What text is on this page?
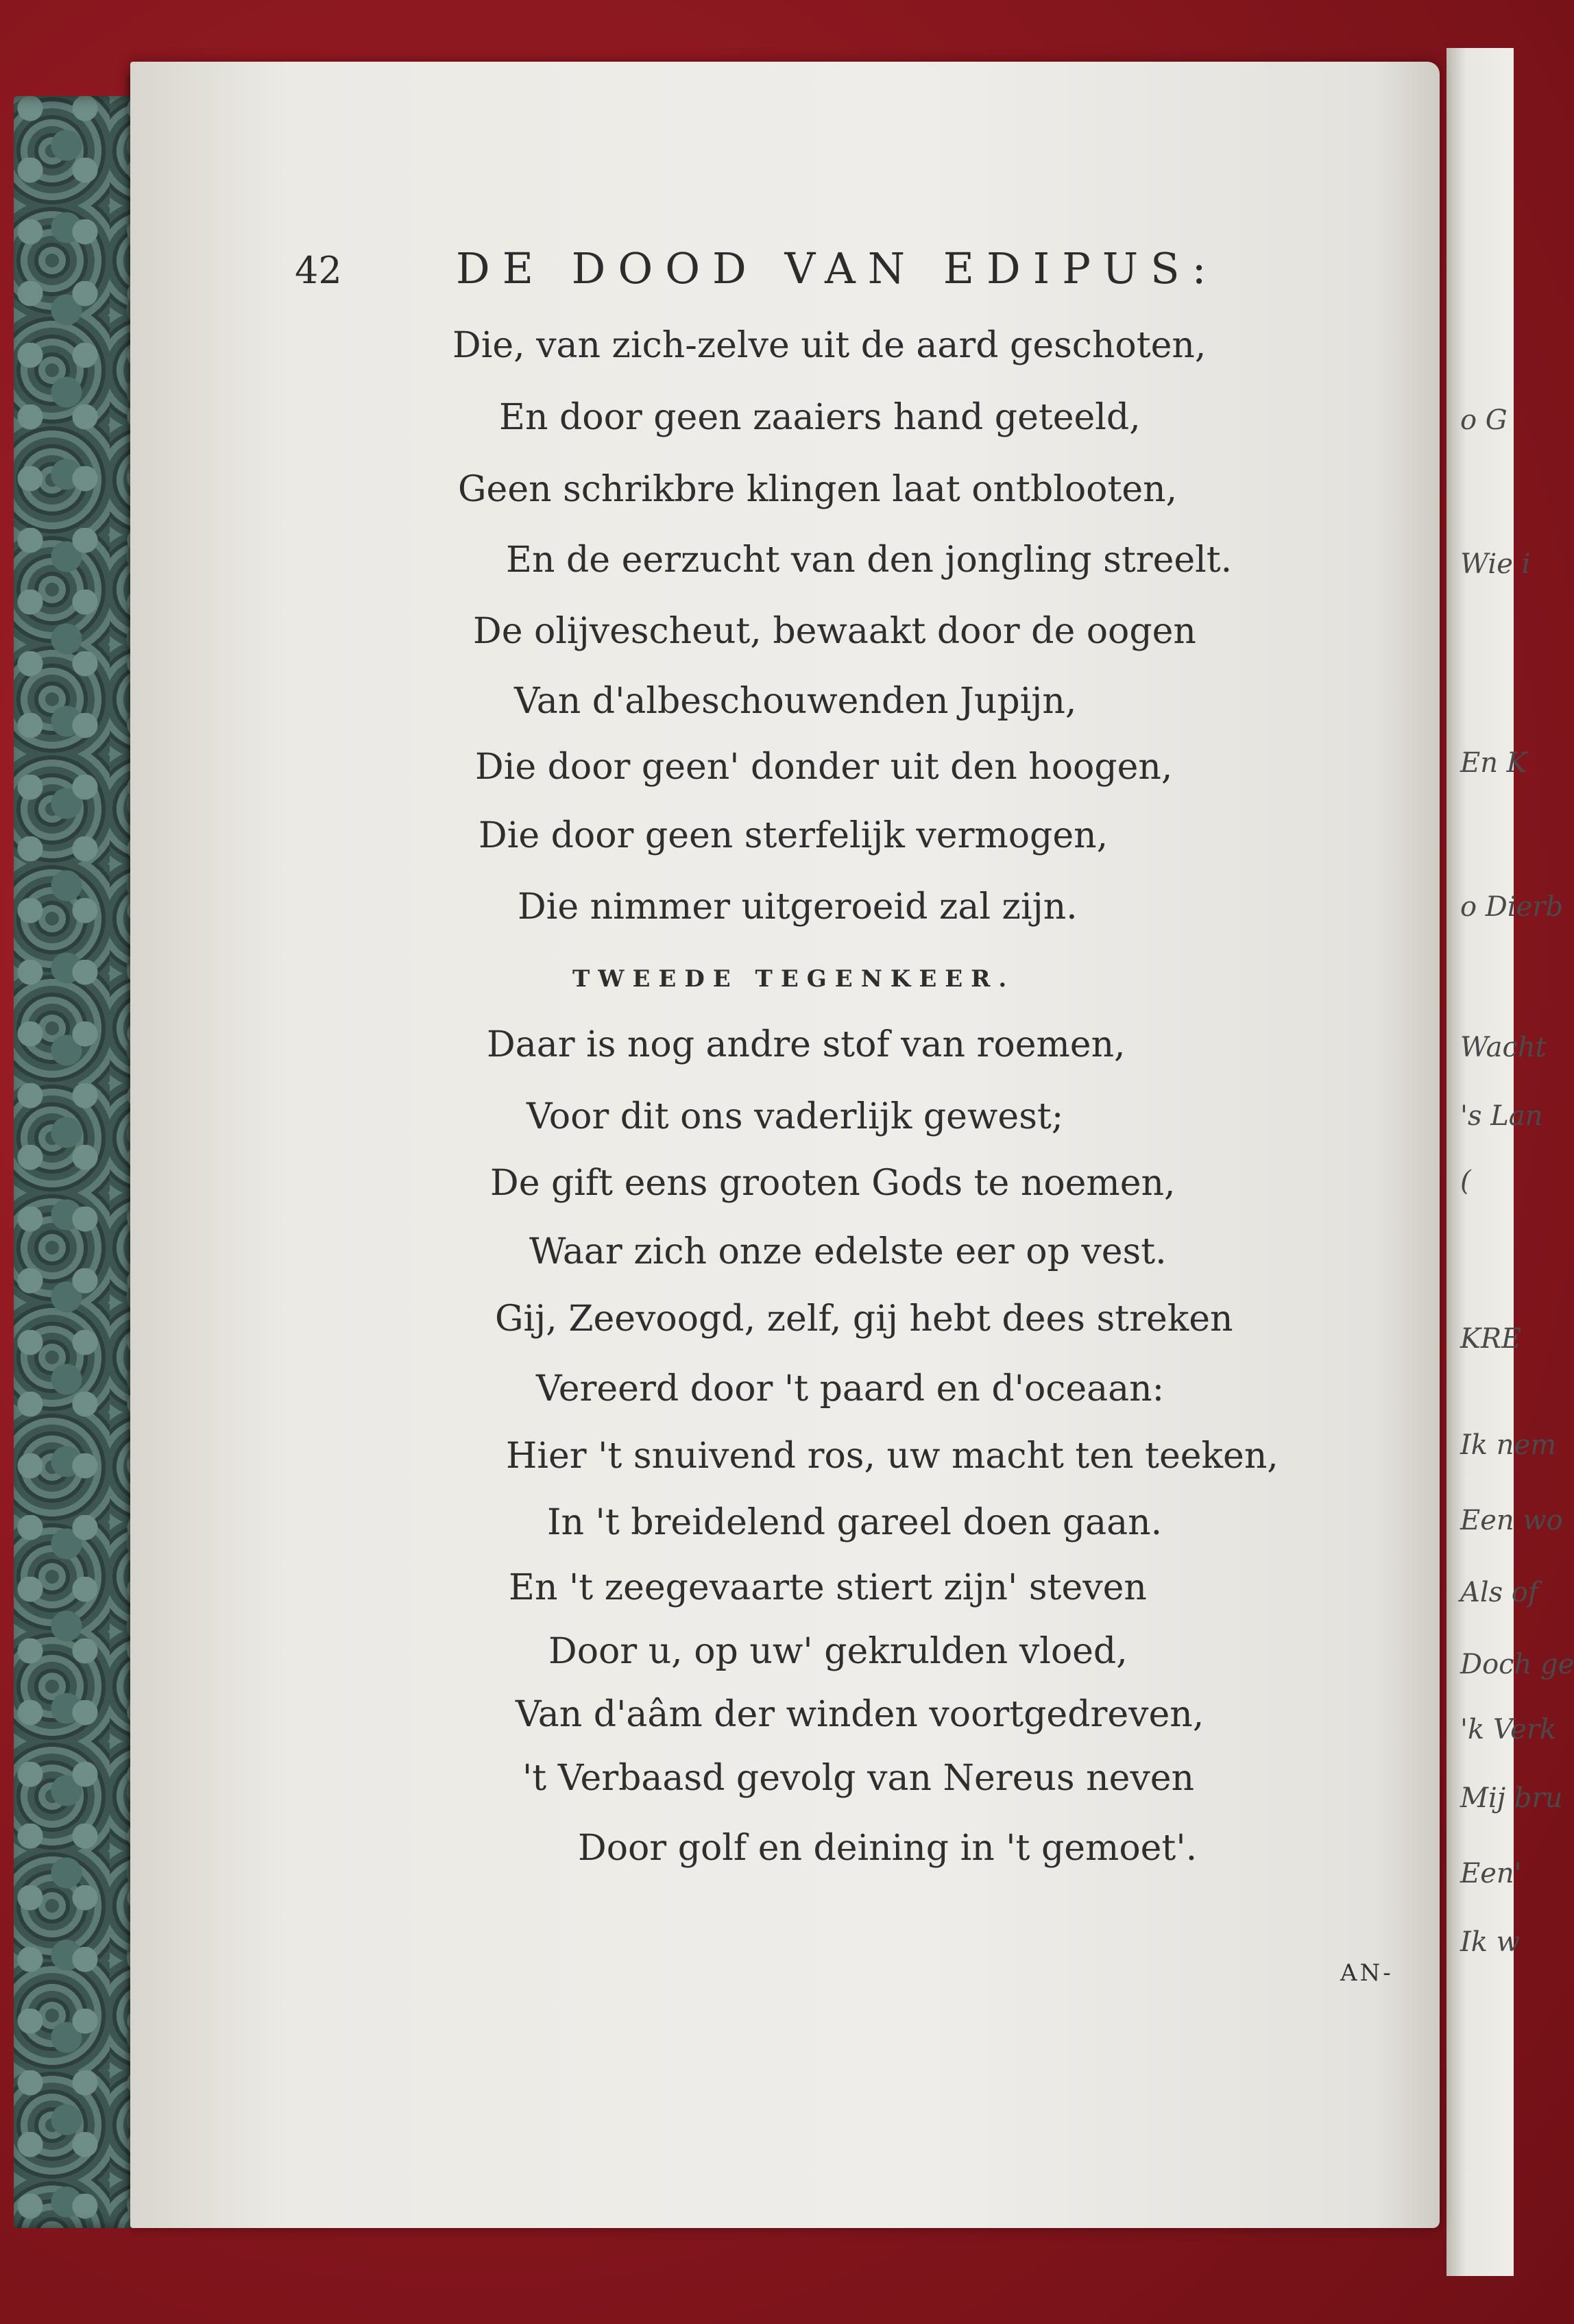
o G
Wie i
En K
o Dierb
Wacht
's Lan
(
KRE
Ik nem
Een wo
Als of
Doch ge
'k Verk
Mij bru
Een'
Ik w
42	DE DOOD VAN EDIPUS:
Die, van zich-zelve uit de aard geschoten,
En door geen zaaiers hand geteeld,
Geen schrikbre klingen laat ontblooten,
En de eerzucht van den jongling streelt.
De olijvescheut, bewaakt door de oogen
Van d'albeschouwenden Jupijn,
Die door geen' donder uit den hoogen,
Die door geen sterfelijk vermogen,
Die nimmer uitgeroeid zal zijn.
TWEEDE TEGENKEER.
Daar is nog andre stof van roemen,
Voor dit ons vaderlijk gewest;
De gift eens grooten Gods te noemen,
Waar zich onze edelste eer op vest.
Gij, Zeevoogd, zelf, gij hebt dees streken
Vereerd door 't paard en d'oceaan:
Hier 't snuivend ros, uw macht ten teeken,
In 't breidelend gareel doen gaan.
En 't zeegevaarte stiert zijn' steven
Door u, op uw' gekrulden vloed,
Van d'aâm der winden voortgedreven,
't Verbaasd gevolg van Nereus neven
Door golf en deining in 't gemoet'.
AN-
